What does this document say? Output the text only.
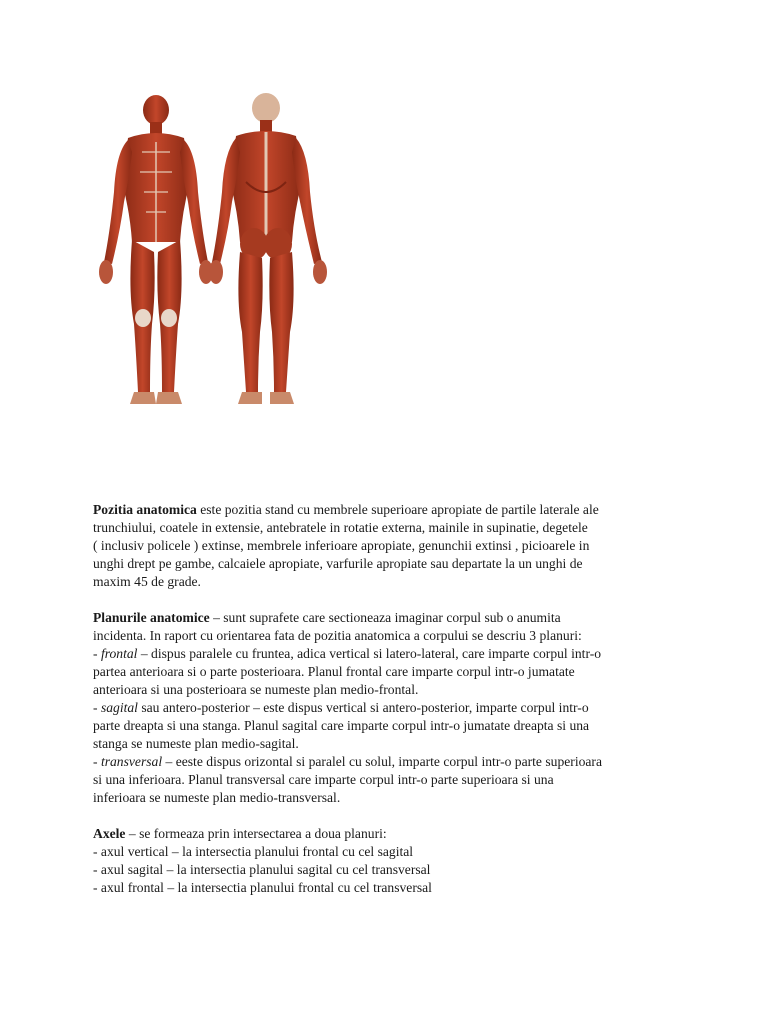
Pozitia anatomica este pozitia stand cu membrele superioare apropiate de partile laterale ale
trunchiului, coatele in extensie, antebratele in rotatie externa, mainile in supinatie, degetele
( inclusiv policele ) extinse, membrele inferioare apropiate, genunchii extinsi , picioarele in
unghi drept pe gambe, calcaiele apropiate, varfurile apropiate sau departate la un unghi de
maxim 45 de grade.

Planurile anatomice – sunt suprafete care sectioneaza imaginar corpul sub o anumita
incidenta. In raport cu orientarea fata de pozitia anatomica a corpului se descriu 3 planuri:
- frontal – dispus paralele cu fruntea, adica vertical si latero-lateral, care imparte corpul intr-o
partea anterioara si o parte posterioara. Planul frontal care imparte corpul intr-o jumatate
anterioara si una posterioara se numeste plan medio-frontal.
- sagital sau antero-posterior – este dispus vertical si antero-posterior, imparte corpul intr-o
parte dreapta si una stanga. Planul sagital care imparte corpul intr-o jumatate dreapta si una
stanga se numeste plan medio-sagital.
- transversal – eeste dispus orizontal si paralel cu solul, imparte corpul intr-o parte superioara
si una inferioara. Planul transversal care imparte corpul intr-o parte superioara si una
inferioara se numeste plan medio-transversal.

Axele – se formeaza prin intersectarea a doua planuri:
- axul vertical – la intersectia planului frontal cu cel sagital
- axul sagital – la intersectia planului sagital cu cel transversal
- axul frontal – la intersectia planului frontal cu cel transversal
